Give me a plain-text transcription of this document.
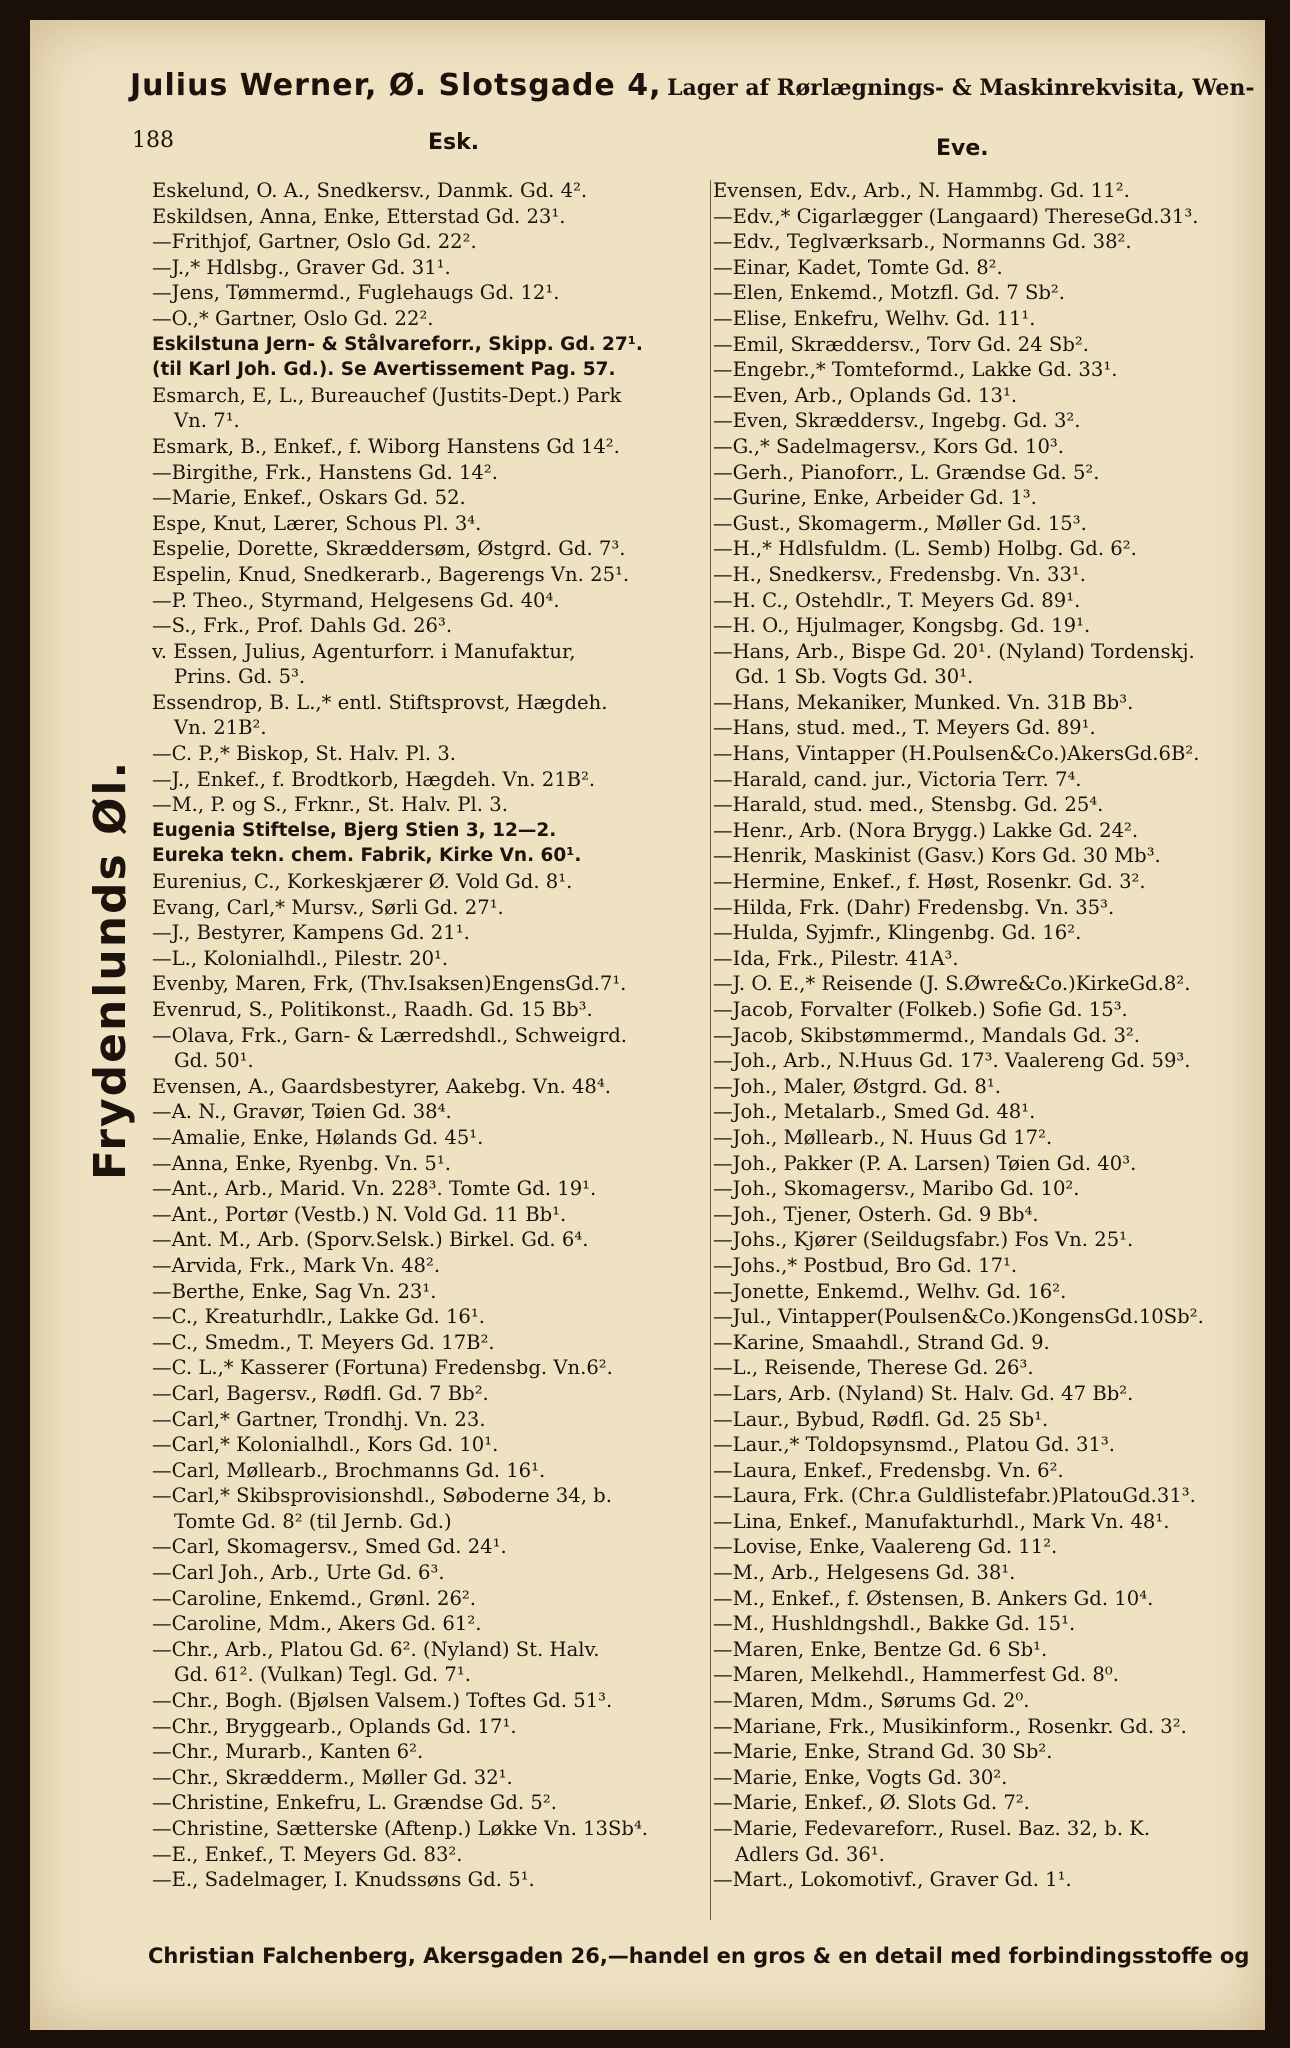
Julius Werner, Ø. Slotsgade 4, Lager af Rørlægnings- & Maskinrekvisita, Wen-
188	Esk.	Eve.
Frydenlunds Øl.
Eskelund, O. A., Snedkersv., Danmk. Gd. 4².
Eskildsen, Anna, Enke, Etterstad Gd. 23¹.
—Frithjof, Gartner, Oslo Gd. 22².
—J.,* Hdlsbg., Graver Gd. 31¹.
—Jens, Tømmermd., Fuglehaugs Gd. 12¹.
—O.,* Gartner, Oslo Gd. 22².
Eskilstuna Jern- & Stålvareforr., Skipp. Gd. 27¹.
(til Karl Joh. Gd.). Se Avertissement Pag. 57.
Esmarch, E, L., Bureauchef (Justits-Dept.) Park
Vn. 7¹.
Esmark, B., Enkef., f. Wiborg Hanstens Gd 14².
—Birgithe, Frk., Hanstens Gd. 14².
—Marie, Enkef., Oskars Gd. 52.
Espe, Knut, Lærer, Schous Pl. 3⁴.
Espelie, Dorette, Skræddersøm, Østgrd. Gd. 7³.
Espelin, Knud, Snedkerarb., Bagerengs Vn. 25¹.
—P. Theo., Styrmand, Helgesens Gd. 40⁴.
—S., Frk., Prof. Dahls Gd. 26³.
v. Essen, Julius, Agenturforr. i Manufaktur,
Prins. Gd. 5³.
Essendrop, B. L.,* entl. Stiftsprovst, Hægdeh.
Vn. 21B².
—C. P.,* Biskop, St. Halv. Pl. 3.
—J., Enkef., f. Brodtkorb, Hægdeh. Vn. 21B².
—M., P. og S., Frknr., St. Halv. Pl. 3.
Eugenia Stiftelse, Bjerg Stien 3, 12—2.
Eureka tekn. chem. Fabrik, Kirke Vn. 60¹.
Eurenius, C., Korkeskjærer Ø. Vold Gd. 8¹.
Evang, Carl,* Mursv., Sørli Gd. 27¹.
—J., Bestyrer, Kampens Gd. 21¹.
—L., Kolonialhdl., Pilestr. 20¹.
Evenby, Maren, Frk, (Thv.Isaksen)EngensGd.7¹.
Evenrud, S., Politikonst., Raadh. Gd. 15 Bb³.
—Olava, Frk., Garn- & Lærredshdl., Schweigrd.
Gd. 50¹.
Evensen, A., Gaardsbestyrer, Aakebg. Vn. 48⁴.
—A. N., Gravør, Tøien Gd. 38⁴.
—Amalie, Enke, Hølands Gd. 45¹.
—Anna, Enke, Ryenbg. Vn. 5¹.
—Ant., Arb., Marid. Vn. 228³. Tomte Gd. 19¹.
—Ant., Portør (Vestb.) N. Vold Gd. 11 Bb¹.
—Ant. M., Arb. (Sporv.Selsk.) Birkel. Gd. 6⁴.
—Arvida, Frk., Mark Vn. 48².
—Berthe, Enke, Sag Vn. 23¹.
—C., Kreaturhdlr., Lakke Gd. 16¹.
—C., Smedm., T. Meyers Gd. 17B².
—C. L.,* Kasserer (Fortuna) Fredensbg. Vn.6².
—Carl, Bagersv., Rødfl. Gd. 7 Bb².
—Carl,* Gartner, Trondhj. Vn. 23.
—Carl,* Kolonialhdl., Kors Gd. 10¹.
—Carl, Møllearb., Brochmanns Gd. 16¹.
—Carl,* Skibsprovisionshdl., Søboderne 34, b.
Tomte Gd. 8² (til Jernb. Gd.)
—Carl, Skomagersv., Smed Gd. 24¹.
—Carl Joh., Arb., Urte Gd. 6³.
—Caroline, Enkemd., Grønl. 26².
—Caroline, Mdm., Akers Gd. 61².
—Chr., Arb., Platou Gd. 6². (Nyland) St. Halv.
Gd. 61². (Vulkan) Tegl. Gd. 7¹.
—Chr., Bogh. (Bjølsen Valsem.) Toftes Gd. 51³.
—Chr., Bryggearb., Oplands Gd. 17¹.
—Chr., Murarb., Kanten 6².
—Chr., Skrædderm., Møller Gd. 32¹.
—Christine, Enkefru, L. Grændse Gd. 5².
—Christine, Sætterske (Aftenp.) Løkke Vn. 13Sb⁴.
—E., Enkef., T. Meyers Gd. 83².
—E., Sadelmager, I. Knudssøns Gd. 5¹.
Evensen, Edv., Arb., N. Hammbg. Gd. 11².
—Edv.,* Cigarlægger (Langaard) ThereseGd.31³.
—Edv., Teglværksarb., Normanns Gd. 38².
—Einar, Kadet, Tomte Gd. 8².
—Elen, Enkemd., Motzfl. Gd. 7 Sb².
—Elise, Enkefru, Welhv. Gd. 11¹.
—Emil, Skræddersv., Torv Gd. 24 Sb².
—Engebr.,* Tomteformd., Lakke Gd. 33¹.
—Even, Arb., Oplands Gd. 13¹.
—Even, Skræddersv., Ingebg. Gd. 3².
—G.,* Sadelmagersv., Kors Gd. 10³.
—Gerh., Pianoforr., L. Grændse Gd. 5².
—Gurine, Enke, Arbeider Gd. 1³.
—Gust., Skomagerm., Møller Gd. 15³.
—H.,* Hdlsfuldm. (L. Semb) Holbg. Gd. 6².
—H., Snedkersv., Fredensbg. Vn. 33¹.
—H. C., Ostehdlr., T. Meyers Gd. 89¹.
—H. O., Hjulmager, Kongsbg. Gd. 19¹.
—Hans, Arb., Bispe Gd. 20¹. (Nyland) Tordenskj.
Gd. 1 Sb. Vogts Gd. 30¹.
—Hans, Mekaniker, Munked. Vn. 31B Bb³.
—Hans, stud. med., T. Meyers Gd. 89¹.
—Hans, Vintapper (H.Poulsen&Co.)AkersGd.6B².
—Harald, cand. jur., Victoria Terr. 7⁴.
—Harald, stud. med., Stensbg. Gd. 25⁴.
—Henr., Arb. (Nora Brygg.) Lakke Gd. 24².
—Henrik, Maskinist (Gasv.) Kors Gd. 30 Mb³.
—Hermine, Enkef., f. Høst, Rosenkr. Gd. 3².
—Hilda, Frk. (Dahr) Fredensbg. Vn. 35³.
—Hulda, Syjmfr., Klingenbg. Gd. 16².
—Ida, Frk., Pilestr. 41A³.
—J. O. E.,* Reisende (J. S.Øwre&Co.)KirkeGd.8².
—Jacob, Forvalter (Folkeb.) Sofie Gd. 15³.
—Jacob, Skibstømmermd., Mandals Gd. 3².
—Joh., Arb., N.Huus Gd. 17³. Vaalereng Gd. 59³.
—Joh., Maler, Østgrd. Gd. 8¹.
—Joh., Metalarb., Smed Gd. 48¹.
—Joh., Møllearb., N. Huus Gd 17².
—Joh., Pakker (P. A. Larsen) Tøien Gd. 40³.
—Joh., Skomagersv., Maribo Gd. 10².
—Joh., Tjener, Osterh. Gd. 9 Bb⁴.
—Johs., Kjører (Seildugsfabr.) Fos Vn. 25¹.
—Johs.,* Postbud, Bro Gd. 17¹.
—Jonette, Enkemd., Welhv. Gd. 16².
—Jul., Vintapper(Poulsen&Co.)KongensGd.10Sb².
—Karine, Smaahdl., Strand Gd. 9.
—L., Reisende, Therese Gd. 26³.
—Lars, Arb. (Nyland) St. Halv. Gd. 47 Bb².
—Laur., Bybud, Rødfl. Gd. 25 Sb¹.
—Laur.,* Toldopsynsmd., Platou Gd. 31³.
—Laura, Enkef., Fredensbg. Vn. 6².
—Laura, Frk. (Chr.a Guldlistefabr.)PlatouGd.31³.
—Lina, Enkef., Manufakturhdl., Mark Vn. 48¹.
—Lovise, Enke, Vaalereng Gd. 11².
—M., Arb., Helgesens Gd. 38¹.
—M., Enkef., f. Østensen, B. Ankers Gd. 10⁴.
—M., Hushldngshdl., Bakke Gd. 15¹.
—Maren, Enke, Bentze Gd. 6 Sb¹.
—Maren, Melkehdl., Hammerfest Gd. 8⁰.
—Maren, Mdm., Sørums Gd. 2⁰.
—Mariane, Frk., Musikinform., Rosenkr. Gd. 3².
—Marie, Enke, Strand Gd. 30 Sb².
—Marie, Enke, Vogts Gd. 30².
—Marie, Enkef., Ø. Slots Gd. 7².
—Marie, Fedevareforr., Rusel. Baz. 32, b. K.
Adlers Gd. 36¹.
—Mart., Lokomotivf., Graver Gd. 1¹.
Christian Falchenberg, Akersgaden 26,—handel en gros & en detail med forbindingsstoffe og
